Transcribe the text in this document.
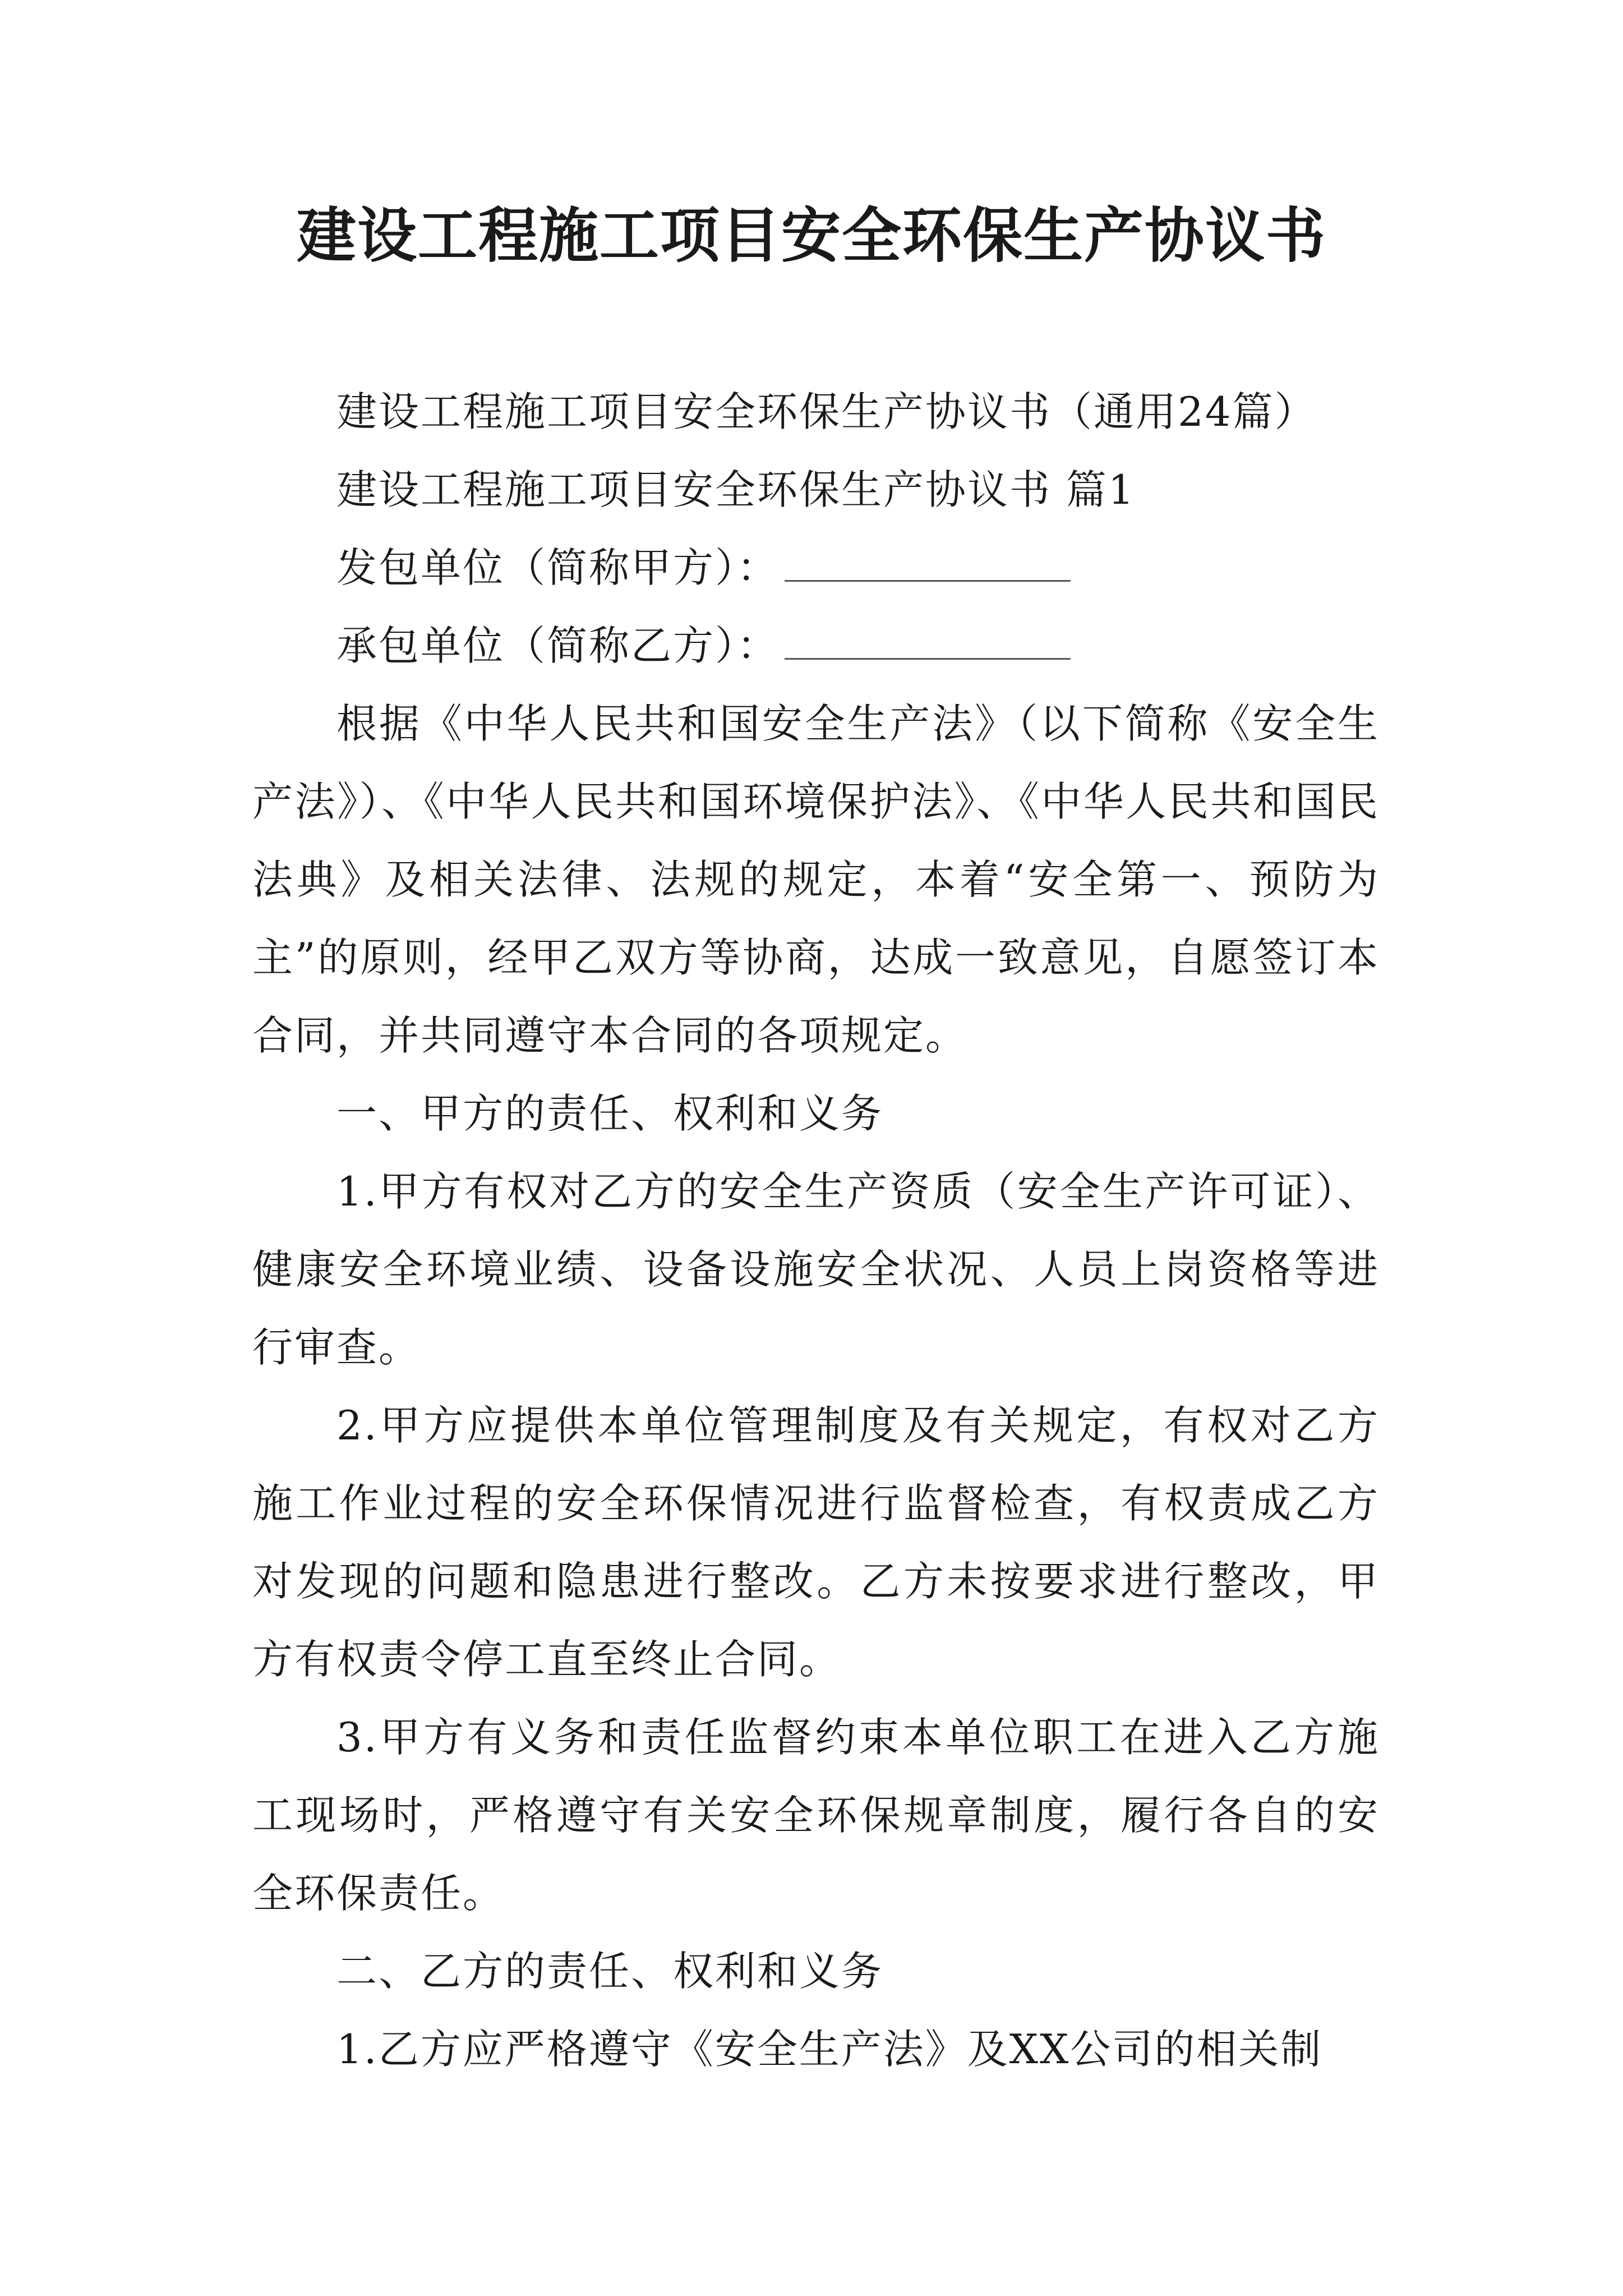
建设工程施工项目安全环保生产协议书

建设工程施工项目安全环保生产协议书（通用24篇）

建设工程施工项目安全环保生产协议书 篇1

发包单位（简称甲方）：

承包单位（简称乙方）：

根据《中华人民共和国安全生产法》（以下简称《安全生产法》）、《中华人民共和国环境保护法》、《中华人民共和国民法典》及相关法律、法规的规定，本着“安全第一、预防为主”的原则，经甲乙双方等协商，达成一致意见，自愿签订本合同，并共同遵守本合同的各项规定。

一、甲方的责任、权利和义务

1.甲方有权对乙方的安全生产资质（安全生产许可证）、健康安全环境业绩、设备设施安全状况、人员上岗资格等进行审查。

2.甲方应提供本单位管理制度及有关规定，有权对乙方施工作业过程的安全环保情况进行监督检查，有权责成乙方对发现的问题和隐患进行整改。乙方未按要求进行整改，甲方有权责令停工直至终止合同。

3.甲方有义务和责任监督约束本单位职工在进入乙方施工现场时，严格遵守有关安全环保规章制度，履行各自的安全环保责任。

二、乙方的责任、权利和义务

1.乙方应严格遵守《安全生产法》及XX公司的相关制
